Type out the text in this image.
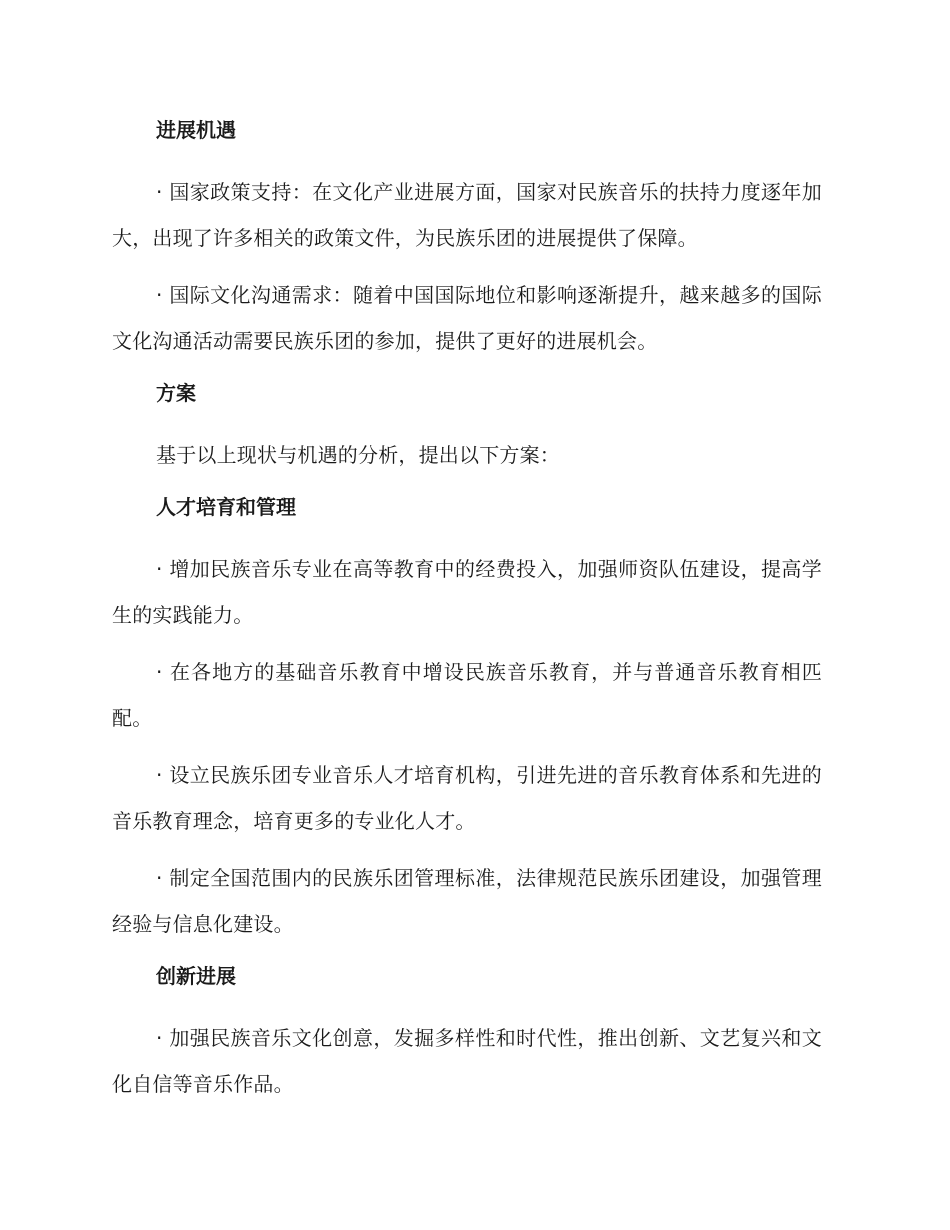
进展机遇

· 国家政策支持：在文化产业进展方面，国家对民族音乐的扶持力度逐年加大，出现了许多相关的政策文件，为民族乐团的进展提供了保障。

· 国际文化沟通需求：随着中国国际地位和影响逐渐提升，越来越多的国际文化沟通活动需要民族乐团的参加，提供了更好的进展机会。

方案

基于以上现状与机遇的分析，提出以下方案：

人才培育和管理

· 增加民族音乐专业在高等教育中的经费投入，加强师资队伍建设，提高学生的实践能力。

· 在各地方的基础音乐教育中增设民族音乐教育，并与普通音乐教育相匹配。

· 设立民族乐团专业音乐人才培育机构，引进先进的音乐教育体系和先进的音乐教育理念，培育更多的专业化人才。

· 制定全国范围内的民族乐团管理标准，法律规范民族乐团建设，加强管理经验与信息化建设。

创新进展

· 加强民族音乐文化创意，发掘多样性和时代性，推出创新、文艺复兴和文化自信等音乐作品。
